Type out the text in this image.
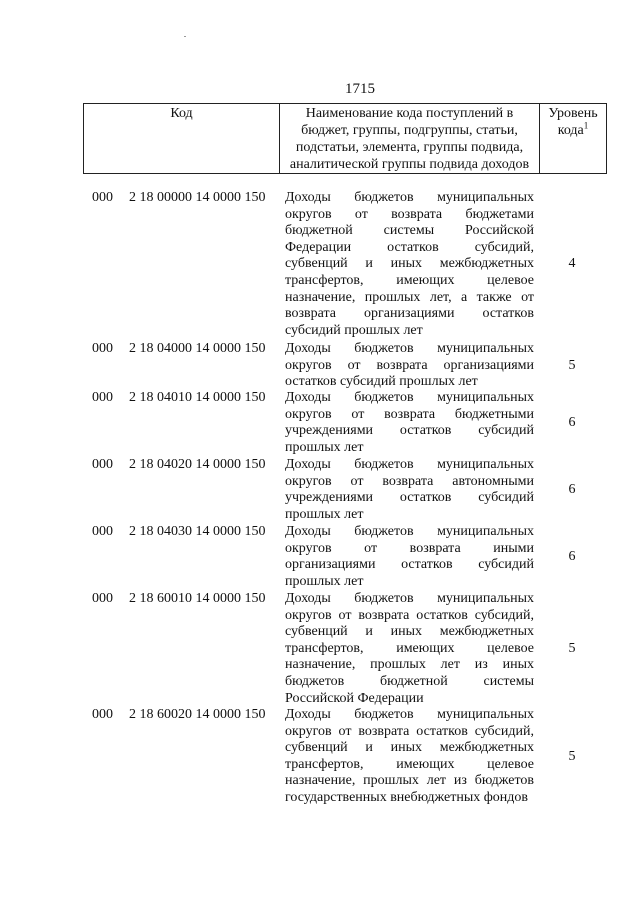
1715
Код	Наименование кода поступлений в
бюджет, группы, подгруппы, статьи,
подстатьи, элемента, группы подвида,
аналитической группы подвида доходов
Уровень
кода$^1$
000 2 18 00000 14 0000 150 Доходы бюджетов муниципальных
округов от возврата бюджетами
бюджетной системы Российской
Федерации остатков субсидий,
субвенций и иных межбюджетных
трансфертов, имеющих целевое
назначение, прошлых лет, а также от
возврата организациями остатков
субсидий прошлых лет
4
000 2 18 04000 14 0000 150 Доходы бюджетов муниципальных
округов от возврата организациями
остатков субсидий прошлых лет
5
000 2 18 04010 14 0000 150 Доходы бюджетов муниципальных
округов от возврата бюджетными
учреждениями остатков субсидий
прошлых лет
6
000 2 18 04020 14 0000 150 Доходы бюджетов муниципальных
округов от возврата автономными
учреждениями остатков субсидий
прошлых лет
6
000 2 18 04030 14 0000 150 Доходы бюджетов муниципальных
округов от возврата иными
организациями остатков субсидий
прошлых лет
6
000 2 18 60010 14 0000 150 Доходы бюджетов муниципальных
округов от возврата остатков субсидий,
субвенций и иных межбюджетных
трансфертов, имеющих целевое
назначение, прошлых лет из иных
бюджетов бюджетной системы
Российской Федерации
5
000 2 18 60020 14 0000 150 Доходы бюджетов муниципальных
округов от возврата остатков субсидий,
субвенций и иных межбюджетных
трансфертов, имеющих целевое
назначение, прошлых лет из бюджетов
государственных внебюджетных фондов
5
